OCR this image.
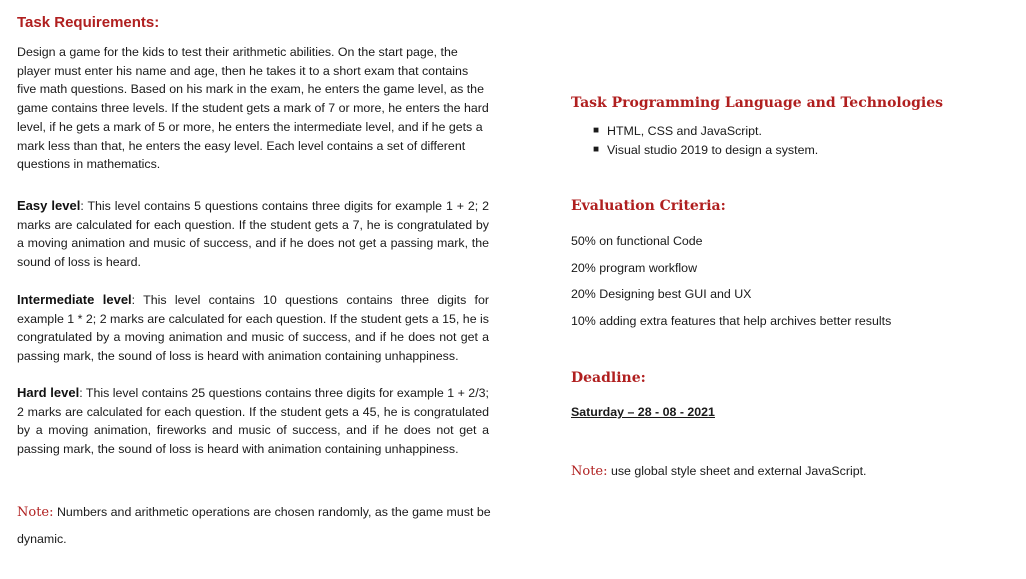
Task Requirements:

Design a game for the kids to test their arithmetic abilities. On the start page, the player must enter his name and age, then he takes it to a short exam that contains five math questions. Based on his mark in the exam, he enters the game level, as the game contains three levels. If the student gets a mark of 7 or more, he enters the hard level, if he gets a mark of 5 or more, he enters the intermediate level, and if he gets a mark less than that, he enters the easy level. Each level contains a set of different questions in mathematics.

Easy level: This level contains 5 questions contains three digits for example 1 + 2; 2 marks are calculated for each question. If the student gets a 7, he is congratulated by a moving animation and music of success, and if he does not get a passing mark, the sound of loss is heard.

Intermediate level: This level contains 10 questions contains three digits for example 1 * 2; 2 marks are calculated for each question. If the student gets a 15, he is congratulated by a moving animation and music of success, and if he does not get a passing mark, the sound of loss is heard with animation containing unhappiness.

Hard level: This level contains 25 questions contains three digits for example 1 + 2/3; 2 marks are calculated for each question. If the student gets a 45, he is congratulated by a moving animation, fireworks and music of success, and if he does not get a passing mark, the sound of loss is heard with animation containing unhappiness.

Note: Numbers and arithmetic operations are chosen randomly, as the game must be dynamic.

Task Programming Language and Technologies
■ HTML, CSS and JavaScript.
■ Visual studio 2019 to design a system.
Evaluation Criteria:
50% on functional Code
20% program workflow
20% Designing best GUI and UX
10% adding extra features that help archives better results
Deadline:
Saturday – 28 - 08 - 2021

Note: use global style sheet and external JavaScript.
